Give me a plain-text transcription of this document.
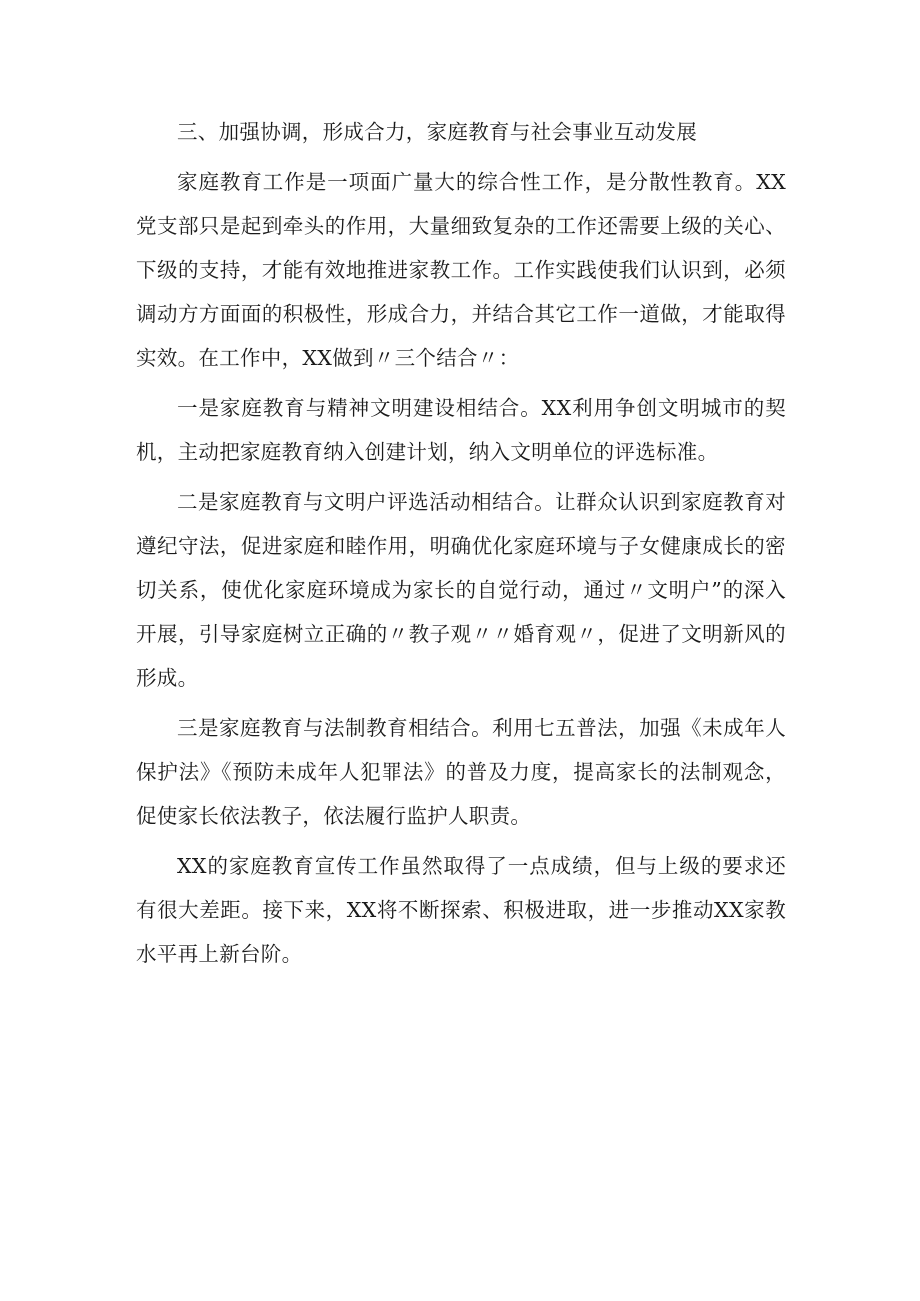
三、加强协调，形成合力，家庭教育与社会事业互动发展

家庭教育工作是一项面广量大的综合性工作，是分散性教育。XX党支部只是起到牵头的作用，大量细致复杂的工作还需要上级的关心、下级的支持，才能有效地推进家教工作。工作实践使我们认识到，必须调动方方面面的积极性，形成合力，并结合其它工作一道做，才能取得实效。在工作中，XX做到〃三个结合〃：

一是家庭教育与精神文明建设相结合。XX利用争创文明城市的契机，主动把家庭教育纳入创建计划，纳入文明单位的评选标准。

二是家庭教育与文明户评选活动相结合。让群众认识到家庭教育对遵纪守法，促进家庭和睦作用，明确优化家庭环境与子女健康成长的密切关系，使优化家庭环境成为家长的自觉行动，通过〃文明户”的深入开展，引导家庭树立正确的〃教子观〃〃婚育观〃，促进了文明新风的形成。

三是家庭教育与法制教育相结合。利用七五普法，加强《未成年人保护法》《预防未成年人犯罪法》的普及力度，提高家长的法制观念，促使家长依法教子，依法履行监护人职责。

XX的家庭教育宣传工作虽然取得了一点成绩，但与上级的要求还有很大差距。接下来，XX将不断探索、积极进取，进一步推动XX家教水平再上新台阶。
